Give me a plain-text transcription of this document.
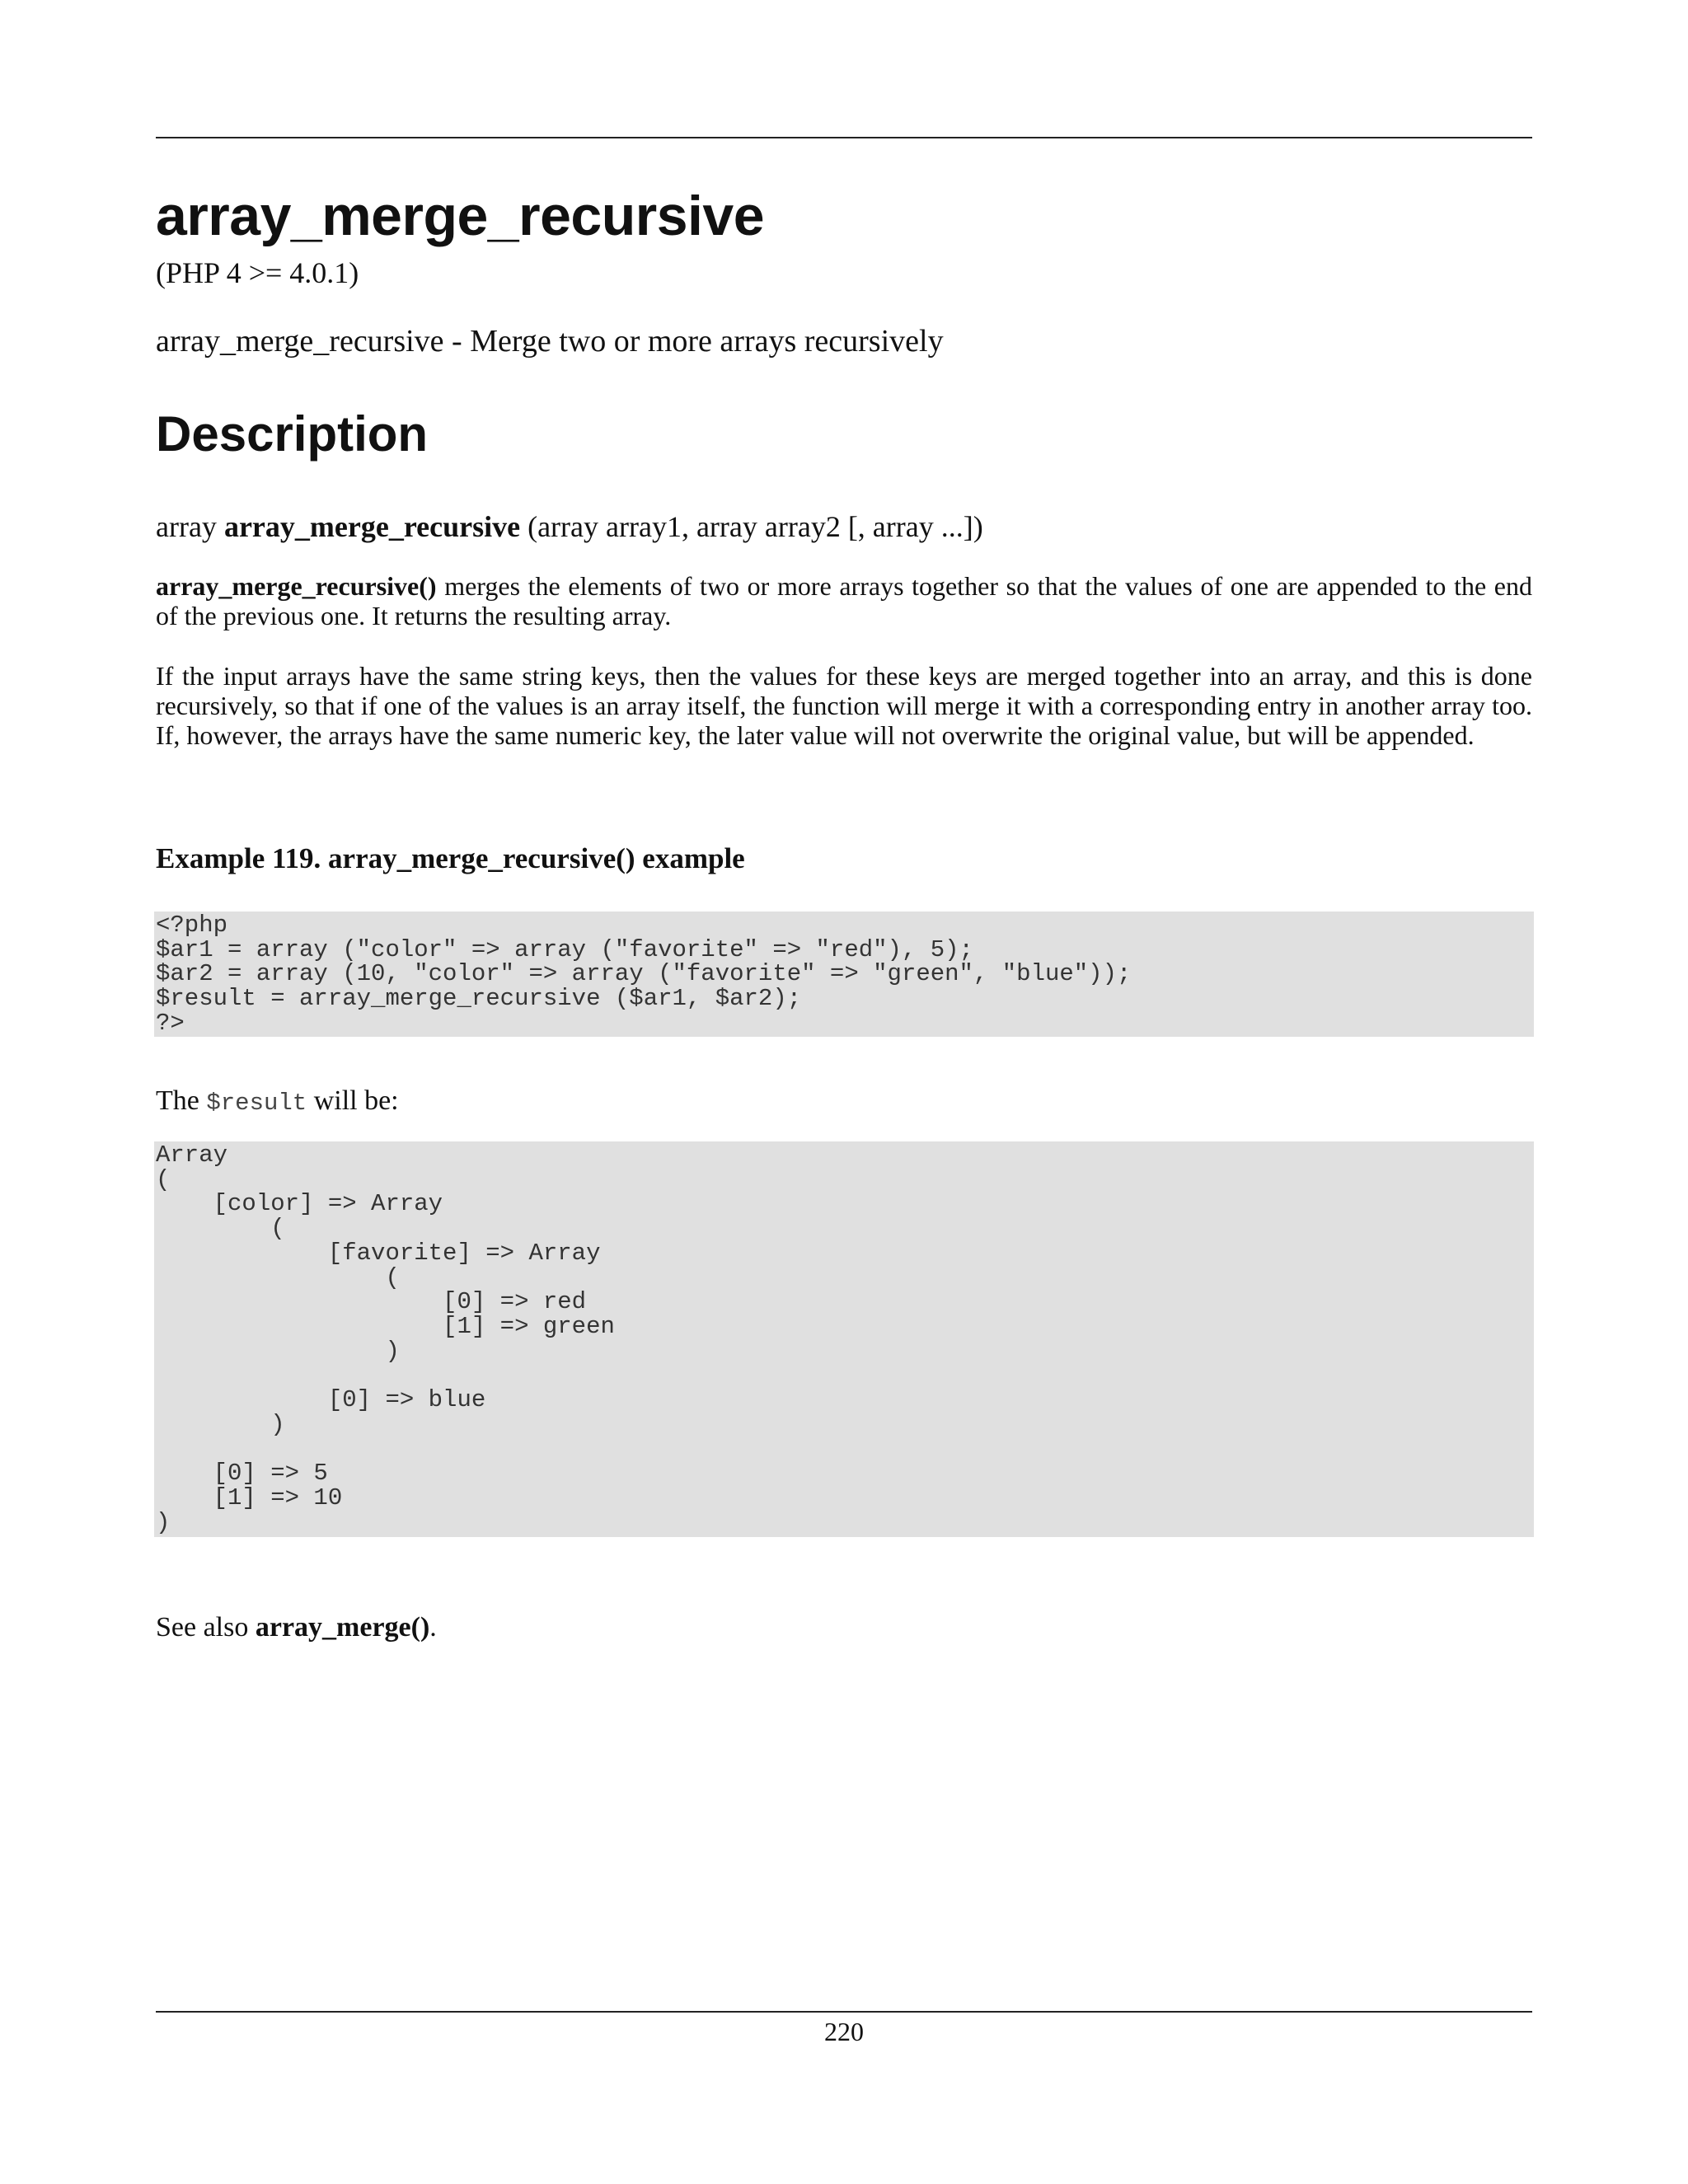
array_merge_recursive
(PHP 4 >= 4.0.1)
array_merge_recursive - Merge two or more arrays recursively
Description
array array_merge_recursive (array array1, array array2 [, array ...])

array_merge_recursive() merges the elements of two or more arrays together so that the values of one are appended to the end of the previous one. It returns the resulting array.

If the input arrays have the same string keys, then the values for these keys are merged together into an array, and this is done recursively, so that if one of the values is an array itself, the function will merge it with a corresponding entry in another array too. If, however, the arrays have the same numeric key, the later value will not overwrite the original value, but will be appended.

Example 119. array_merge_recursive() example
<?php
$ar1 = array ("color" => array ("favorite" => "red"), 5);
$ar2 = array (10, "color" => array ("favorite" => "green", "blue"));
$result = array_merge_recursive ($ar1, $ar2);
?>
The $result will be:
Array
(
[color] => Array
(
[favorite] => Array
(
[0] => red
[1] => green
)

[0] => blue
)

[0] => 5
[1] => 10
)
See also array_merge().
220
